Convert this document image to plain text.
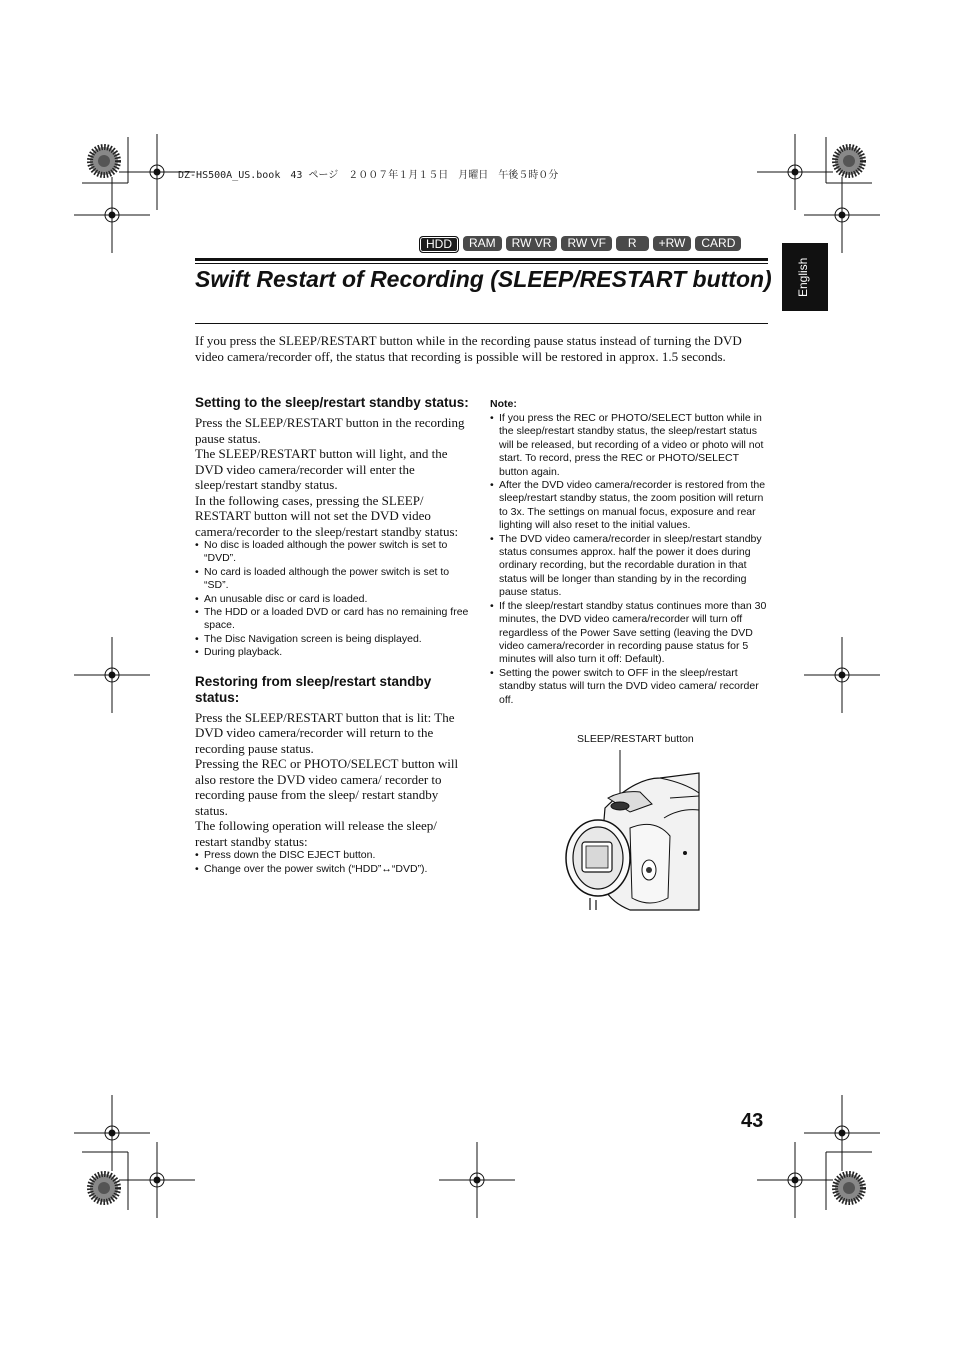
DZ-HS500A_US.book　43 ページ　２００７年１月１５日　月曜日　午後５時０分
HDD	RAM	RW VR	RW VF	R	+RW	CARD
English
Swift Restart of Recording (SLEEP/RESTART button)
If you press the SLEEP/RESTART button while in the recording pause status instead of turning the DVD video camera/recorder off, the status that recording is possible will be restored in approx. 1.5 seconds.
Setting to the sleep/restart standby status:

Press the SLEEP/RESTART button in the recording pause status.

The SLEEP/RESTART button will light, and the DVD video camera/recorder will enter the sleep/restart standby status.

In the following cases, pressing the SLEEP/ RESTART button will not set the DVD video camera/recorder to the sleep/restart standby status:

• No disc is loaded although the power switch is set to “DVD”.
• No card is loaded although the power switch is set to “SD”.
• An unusable disc or card is loaded.
• The HDD or a loaded DVD or card has no remaining free space.
• The Disc Navigation screen is being displayed.
• During playback.
Restoring from sleep/restart standby status:

Press the SLEEP/RESTART button that is lit: The DVD video camera/recorder will return to the recording pause status.

Pressing the REC or PHOTO/SELECT button will also restore the DVD video camera/ recorder to recording pause from the sleep/ restart standby status.

The following operation will release the sleep/ restart standby status:

• Press down the DISC EJECT button.
• Change over the power switch (“HDD”↔“DVD”).
Note:
• If you press the REC or PHOTO/SELECT button while in the sleep/restart standby status, the sleep/restart status will be released, but recording of a video or photo will not start. To record, press the REC or PHOTO/SELECT button again.
• After the DVD video camera/recorder is restored from the sleep/restart standby status, the zoom position will return to 3x. The settings on manual focus, exposure and rear lighting will also reset to the initial values.
• The DVD video camera/recorder in sleep/restart standby status consumes approx. half the power it does during ordinary recording, but the recordable duration in that status will be longer than standing by in the recording pause status.
• If the sleep/restart standby status continues more than 30 minutes, the DVD video camera/recorder will turn off regardless of the Power Save setting (leaving the DVD video camera/recorder in recording pause status for 5 minutes will also turn it off: Default).
• Setting the power switch to OFF in the sleep/restart standby status will turn the DVD video camera/ recorder off.
SLEEP/RESTART button
43
